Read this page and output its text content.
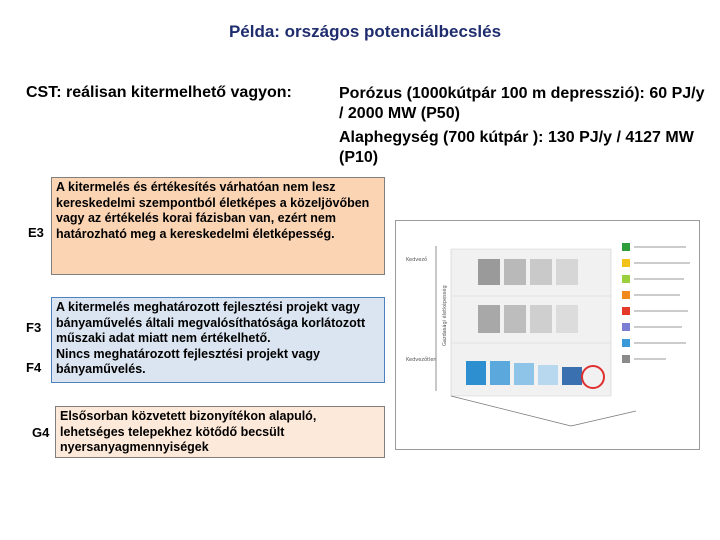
Példa: országos potenciálbecslés
CST: reálisan kitermelhető vagyon:	Porózus (1000kútpár 100 m depresszió): 60 PJ/y / 2000 MW (P50)

Alaphegység (700 kútpár ): 130 PJ/y / 4127 MW (P10)

E3
A kitermelés és értékesítés várhatóan nem lesz kereskedelmi szempontból életképes a közeljövőben vagy az értékelés korai fázisban van, ezért nem határozható meg a kereskedelmi életképesség.
F3
F4
A kitermelés meghatározott fejlesztési projekt vagy bányaművelés általi megvalósíthatósága korlátozott műszaki adat miatt nem értékelhető.
Nincs meghatározott fejlesztési projekt vagy bányaművelés.
G4
Elsősorban közvetett bizonyítékon alapuló, lehetséges telepekhez kötődő becsült nyersanyagmennyiségek
Kedvező
Kedvezőtlen
Gazdasági életképesség
